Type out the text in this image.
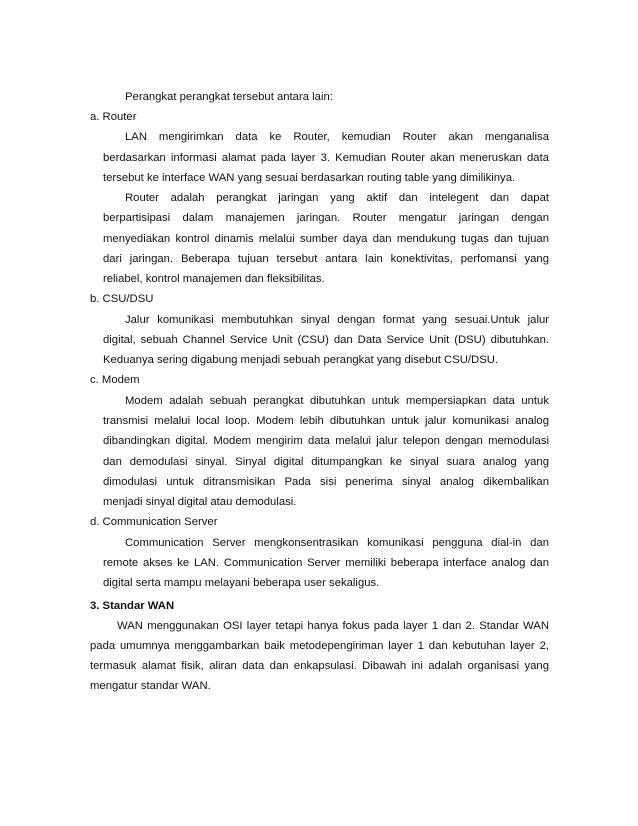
Perangkat perangkat tersebut antara lain:
a. Router
LAN mengirimkan data ke Router, kemudian Router akan menganalisa
berdasarkan informasi alamat pada layer 3. Kemudian Router akan meneruskan data
tersebut ke interface WAN yang sesuai berdasarkan routing table yang dimilikinya.
Router adalah perangkat jaringan yang aktif dan intelegent dan dapat
berpartisipasi dalam manajemen jaringan. Router mengatur jaringan dengan
menyediakan kontrol dinamis melalui sumber daya dan mendukung tugas dan tujuan
dari jaringan. Beberapa tujuan tersebut antara lain konektivitas, perfomansi yang
reliabel, kontrol manajemen dan fleksibilitas.
b. CSU/DSU
Jalur komunikasi membutuhkan sinyal dengan format yang sesuai.Untuk jalur
digital, sebuah Channel Service Unit (CSU) dan Data Service Unit (DSU) dibutuhkan.
Keduanya sering digabung menjadi sebuah perangkat yang disebut CSU/DSU.
c. Modem
Modem adalah sebuah perangkat dibutuhkan untuk mempersiapkan data untuk
transmisi melalui local loop. Modem lebih dibutuhkan untuk jalur komunikasi analog
dibandingkan digital. Modem mengirim data melalui jalur telepon dengan memodulasi
dan demodulasi sinyal. Sinyal digital ditumpangkan ke sinyal suara analog yang
dimodulasi untuk ditransmisikan Pada sisi penerima sinyal analog dikembalikan
menjadi sinyal digital atau demodulasi.
d. Communication Server
Communication Server mengkonsentrasikan komunikasi pengguna dial-in dan
remote akses ke LAN. Communication Server memiliki beberapa interface analog dan
digital serta mampu melayani beberapa user sekaligus.
3. Standar WAN
WAN menggunakan OSI layer tetapi hanya fokus pada layer 1 dan 2. Standar WAN
pada umumnya menggambarkan baik metodepengiriman layer 1 dan kebutuhan layer 2,
termasuk alamat fisik, aliran data dan enkapsulasi. Dibawah ini adalah organisasi yang
mengatur standar WAN.
